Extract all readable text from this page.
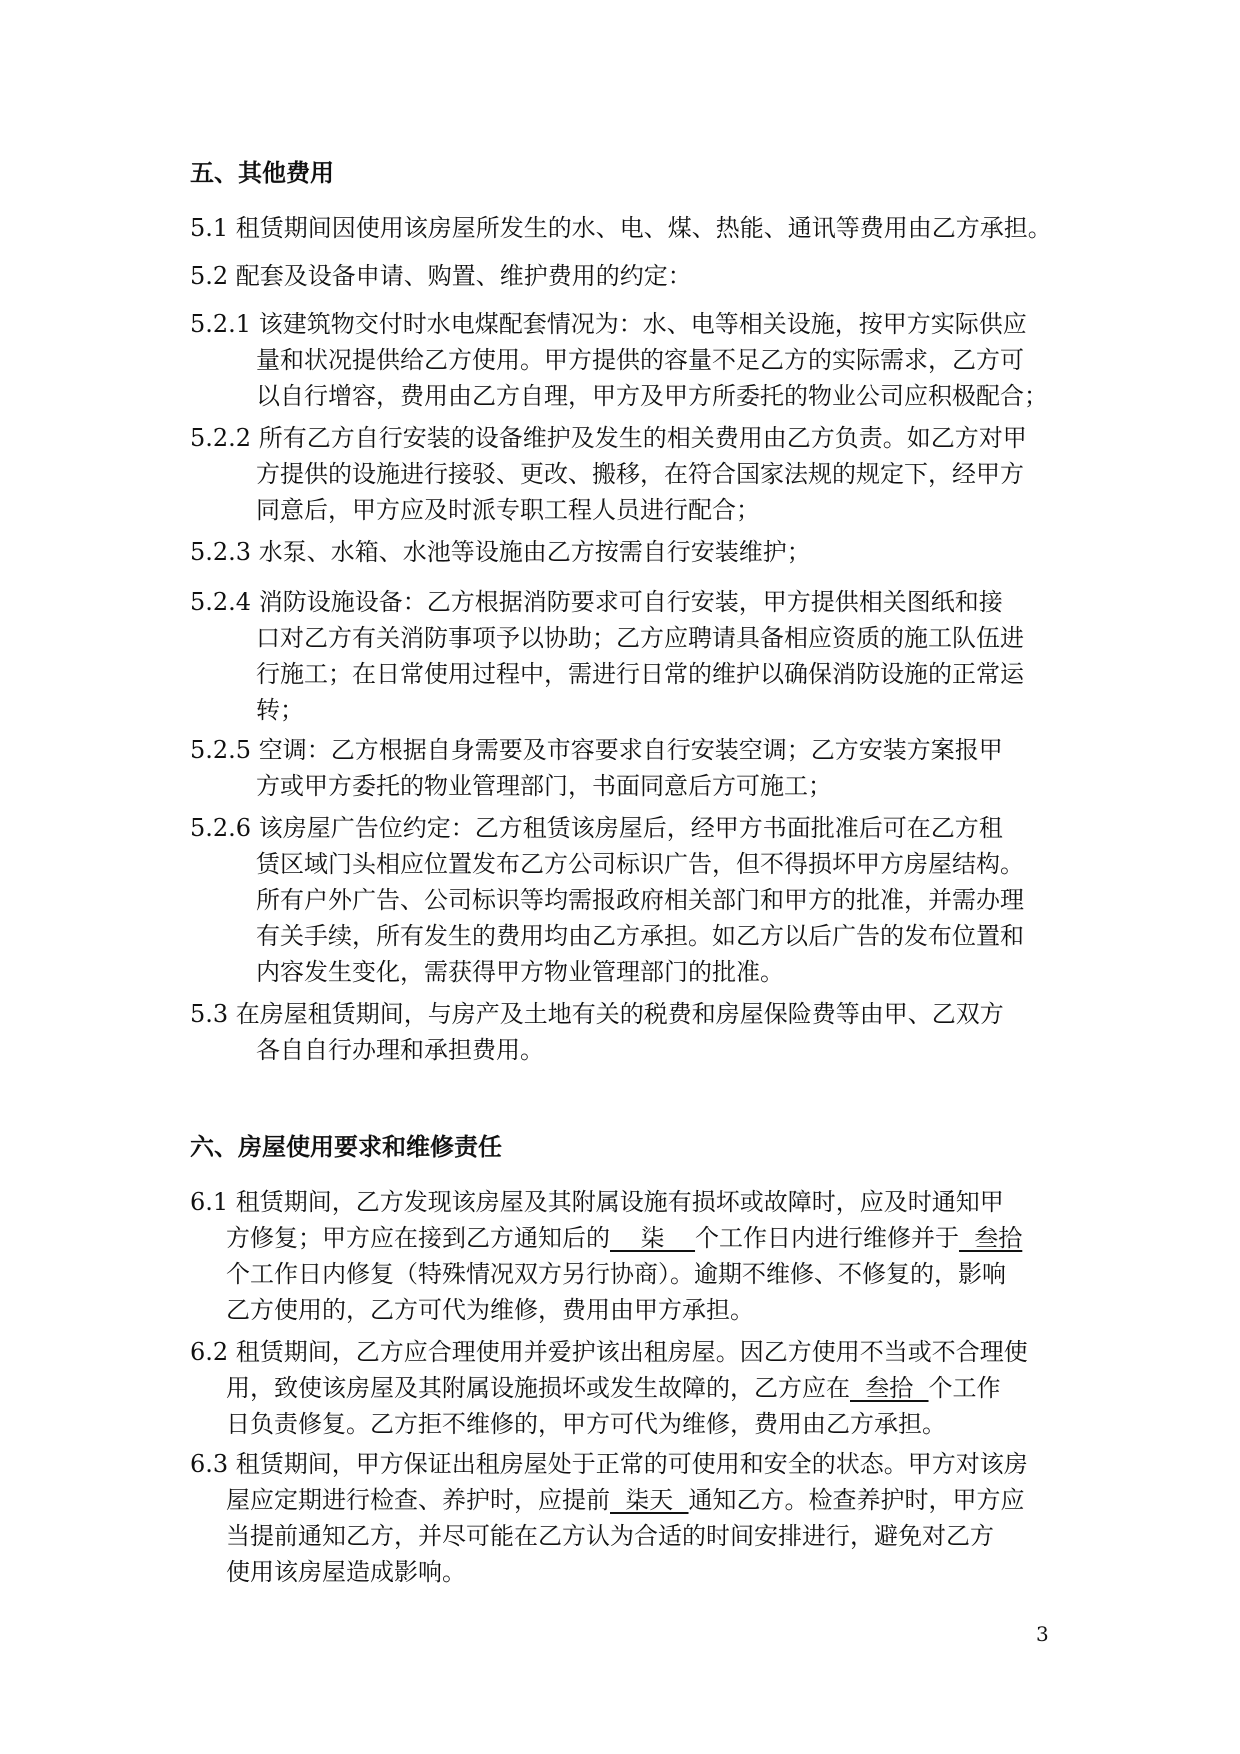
五、其他费用
5.1 租赁期间因使用该房屋所发生的水、电、煤、热能、通讯等费用由乙方承担。
5.2 配套及设备申请、购置、维护费用的约定：
5.2.1 该建筑物交付时水电煤配套情况为：水、电等相关设施，按甲方实际供应
量和状况提供给乙方使用。甲方提供的容量不足乙方的实际需求，乙方可
以自行增容，费用由乙方自理，甲方及甲方所委托的物业公司应积极配合；
5.2.2 所有乙方自行安装的设备维护及发生的相关费用由乙方负责。如乙方对甲
方提供的设施进行接驳、更改、搬移，在符合国家法规的规定下，经甲方
同意后，甲方应及时派专职工程人员进行配合；
5.2.3 水泵、水箱、水池等设施由乙方按需自行安装维护；
5.2.4 消防设施设备：乙方根据消防要求可自行安装，甲方提供相关图纸和接
口对乙方有关消防事项予以协助；乙方应聘请具备相应资质的施工队伍进
行施工；在日常使用过程中，需进行日常的维护以确保消防设施的正常运
转；
5.2.5 空调：乙方根据自身需要及市容要求自行安装空调；乙方安装方案报甲
方或甲方委托的物业管理部门，书面同意后方可施工；
5.2.6 该房屋广告位约定：乙方租赁该房屋后，经甲方书面批准后可在乙方租
赁区域门头相应位置发布乙方公司标识广告，但不得损坏甲方房屋结构。
所有户外广告、公司标识等均需报政府相关部门和甲方的批准，并需办理
有关手续，所有发生的费用均由乙方承担。如乙方以后广告的发布位置和
内容发生变化，需获得甲方物业管理部门的批准。
5.3 在房屋租赁期间，与房产及土地有关的税费和房屋保险费等由甲、乙双方
各自自行办理和承担费用。
六、房屋使用要求和维修责任
6.1 租赁期间，乙方发现该房屋及其附属设施有损坏或故障时，应及时通知甲
方修复；甲方应在接到乙方通知后的    柒    个工作日内进行维修并于  叁拾
个工作日内修复（特殊情况双方另行协商）。逾期不维修、不修复的，影响
乙方使用的，乙方可代为维修，费用由甲方承担。
6.2 租赁期间，乙方应合理使用并爱护该出租房屋。因乙方使用不当或不合理使
用，致使该房屋及其附属设施损坏或发生故障的，乙方应在  叁拾  个工作
日负责修复。乙方拒不维修的，甲方可代为维修，费用由乙方承担。
6.3 租赁期间，甲方保证出租房屋处于正常的可使用和安全的状态。甲方对该房
屋应定期进行检查、养护时，应提前  柒天  通知乙方。检查养护时，甲方应
当提前通知乙方，并尽可能在乙方认为合适的时间安排进行，避免对乙方
使用该房屋造成影响。
3
